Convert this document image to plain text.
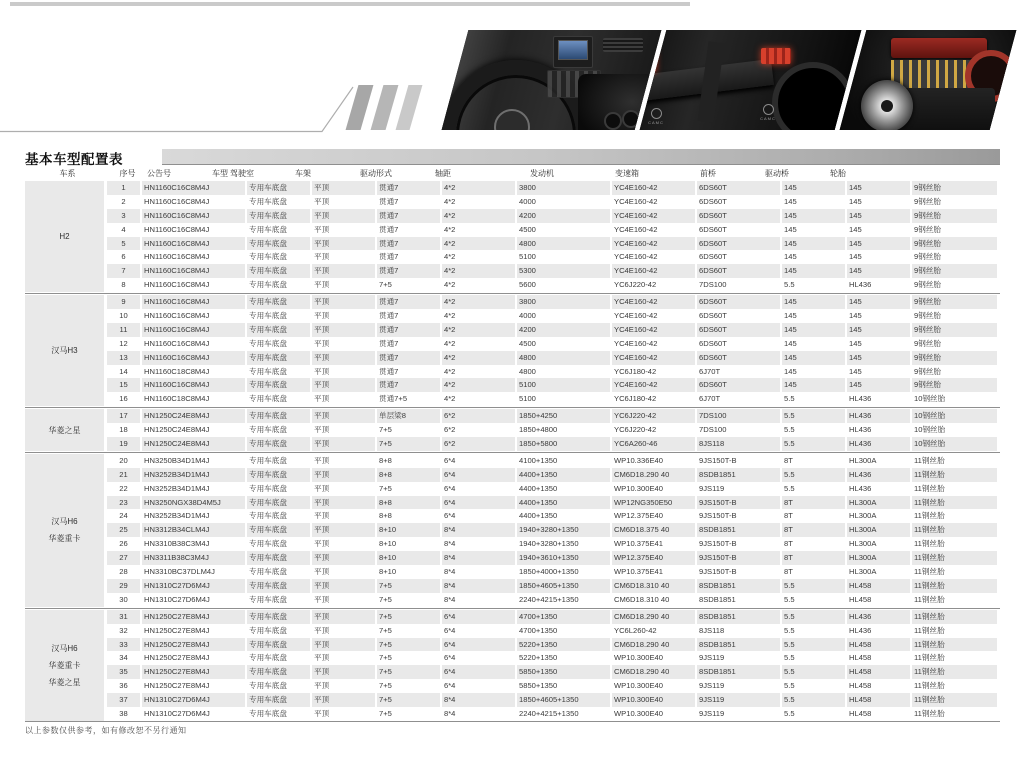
CAMC
CAMC
基本车型配置表
车系	序号	公告号	车型 驾驶室	车架	驱动形式	轴距	发动机	变速箱	前桥	驱动桥	轮胎
H2
1	HN1160C16C8M4J	专用车底盘	平顶	贯通7	4*2	3800	YC4E160-42	6DS60T	145	145	9钢丝胎
2	HN1160C16C8M4J	专用车底盘	平顶	贯通7	4*2	4000	YC4E160-42	6DS60T	145	145	9钢丝胎
3	HN1160C16C8M4J	专用车底盘	平顶	贯通7	4*2	4200	YC4E160-42	6DS60T	145	145	9钢丝胎
4	HN1160C16C8M4J	专用车底盘	平顶	贯通7	4*2	4500	YC4E160-42	6DS60T	145	145	9钢丝胎
5	HN1160C16C8M4J	专用车底盘	平顶	贯通7	4*2	4800	YC4E160-42	6DS60T	145	145	9钢丝胎
6	HN1160C16C8M4J	专用车底盘	平顶	贯通7	4*2	5100	YC4E160-42	6DS60T	145	145	9钢丝胎
7	HN1160C16C8M4J	专用车底盘	平顶	贯通7	4*2	5300	YC4E160-42	6DS60T	145	145	9钢丝胎
8	HN1160C16C8M4J	专用车底盘	平顶	7+5	4*2	5600	YC6J220-42	7DS100	5.5	HL436	9钢丝胎
汉马H3
9	HN1160C16C8M4J	专用车底盘	平顶	贯通7	4*2	3800	YC4E160-42	6DS60T	145	145	9钢丝胎
10	HN1160C16C8M4J	专用车底盘	平顶	贯通7	4*2	4000	YC4E160-42	6DS60T	145	145	9钢丝胎
11	HN1160C16C8M4J	专用车底盘	平顶	贯通7	4*2	4200	YC4E160-42	6DS60T	145	145	9钢丝胎
12	HN1160C16C8M4J	专用车底盘	平顶	贯通7	4*2	4500	YC4E160-42	6DS60T	145	145	9钢丝胎
13	HN1160C16C8M4J	专用车底盘	平顶	贯通7	4*2	4800	YC4E160-42	6DS60T	145	145	9钢丝胎
14	HN1160C18C8M4J	专用车底盘	平顶	贯通7	4*2	4800	YC6J180-42	6J70T	145	145	9钢丝胎
15	HN1160C16C8M4J	专用车底盘	平顶	贯通7	4*2	5100	YC4E160-42	6DS60T	145	145	9钢丝胎
16	HN1160C18C8M4J	专用车底盘	平顶	贯通7+5	4*2	5100	YC6J180-42	6J70T	5.5	HL436	10钢丝胎
华菱之星
17	HN1250C24E8M4J	专用车底盘	平顶	单层梁8	6*2	1850+4250	YC6J220-42	7DS100	5.5	HL436	10钢丝胎
18	HN1250C24E8M4J	专用车底盘	平顶	7+5	6*2	1850+4800	YC6J220-42	7DS100	5.5	HL436	10钢丝胎
19	HN1250C24E8M4J	专用车底盘	平顶	7+5	6*2	1850+5800	YC6A260-46	8JS118	5.5	HL436	10钢丝胎
汉马H6
华菱重卡
20	HN3250B34D1M4J	专用车底盘	平顶	8+8	6*4	4100+1350	WP10.336E40	9JS150T-B	8T	HL300A	11钢丝胎
21	HN3252B34D1M4J	专用车底盘	平顶	8+8	6*4	4400+1350	CM6D18.290 40	8SDB1851	5.5	HL436	11钢丝胎
22	HN3252B34D1M4J	专用车底盘	平顶	7+5	6*4	4400+1350	WP10.300E40	9JS119	5.5	HL436	11钢丝胎
23	HN3250NGX38D4M5J	专用车底盘	平顶	8+8	6*4	4400+1350	WP12NG350E50	9JS150T-B	8T	HL300A	11钢丝胎
24	HN3252B34D1M4J	专用车底盘	平顶	8+8	6*4	4400+1350	WP12.375E40	9JS150T-B	8T	HL300A	11钢丝胎
25	HN3312B34CLM4J	专用车底盘	平顶	8+10	8*4	1940+3280+1350	CM6D18.375 40	8SDB1851	8T	HL300A	11钢丝胎
26	HN3310B38C3M4J	专用车底盘	平顶	8+10	8*4	1940+3280+1350	WP10.375E41	9JS150T-B	8T	HL300A	11钢丝胎
27	HN3311B38C3M4J	专用车底盘	平顶	8+10	8*4	1940+3610+1350	WP12.375E40	9JS150T-B	8T	HL300A	11钢丝胎
28	HN3310BC37DLM4J	专用车底盘	平顶	8+10	8*4	1850+4000+1350	WP10.375E41	9JS150T-B	8T	HL300A	11钢丝胎
29	HN1310C27D6M4J	专用车底盘	平顶	7+5	8*4	1850+4605+1350	CM6D18.310 40	8SDB1851	5.5	HL458	11钢丝胎
30	HN1310C27D6M4J	专用车底盘	平顶	7+5	8*4	2240+4215+1350	CM6D18.310 40	8SDB1851	5.5	HL458	11钢丝胎
汉马H6
华菱重卡
华菱之星
31	HN1250C27E8M4J	专用车底盘	平顶	7+5	6*4	4700+1350	CM6D18.290 40	8SDB1851	5.5	HL436	11钢丝胎
32	HN1250C27E8M4J	专用车底盘	平顶	7+5	6*4	4700+1350	YC6L260-42	8JS118	5.5	HL436	11钢丝胎
33	HN1250C27E8M4J	专用车底盘	平顶	7+5	6*4	5220+1350	CM6D18.290 40	8SDB1851	5.5	HL458	11钢丝胎
34	HN1250C27E8M4J	专用车底盘	平顶	7+5	6*4	5220+1350	WP10.300E40	9JS119	5.5	HL458	11钢丝胎
35	HN1250C27E8M4J	专用车底盘	平顶	7+5	6*4	5850+1350	CM6D18.290 40	8SDB1851	5.5	HL458	11钢丝胎
36	HN1250C27E8M4J	专用车底盘	平顶	7+5	6*4	5850+1350	WP10.300E40	9JS119	5.5	HL458	11钢丝胎
37	HN1310C27D6M4J	专用车底盘	平顶	7+5	8*4	1850+4605+1350	WP10.300E40	9JS119	5.5	HL458	11钢丝胎
38	HN1310C27D6M4J	专用车底盘	平顶	7+5	8*4	2240+4215+1350	WP10.300E40	9JS119	5.5	HL458	11钢丝胎
以上参数仅供参考，如有修改恕不另行通知
